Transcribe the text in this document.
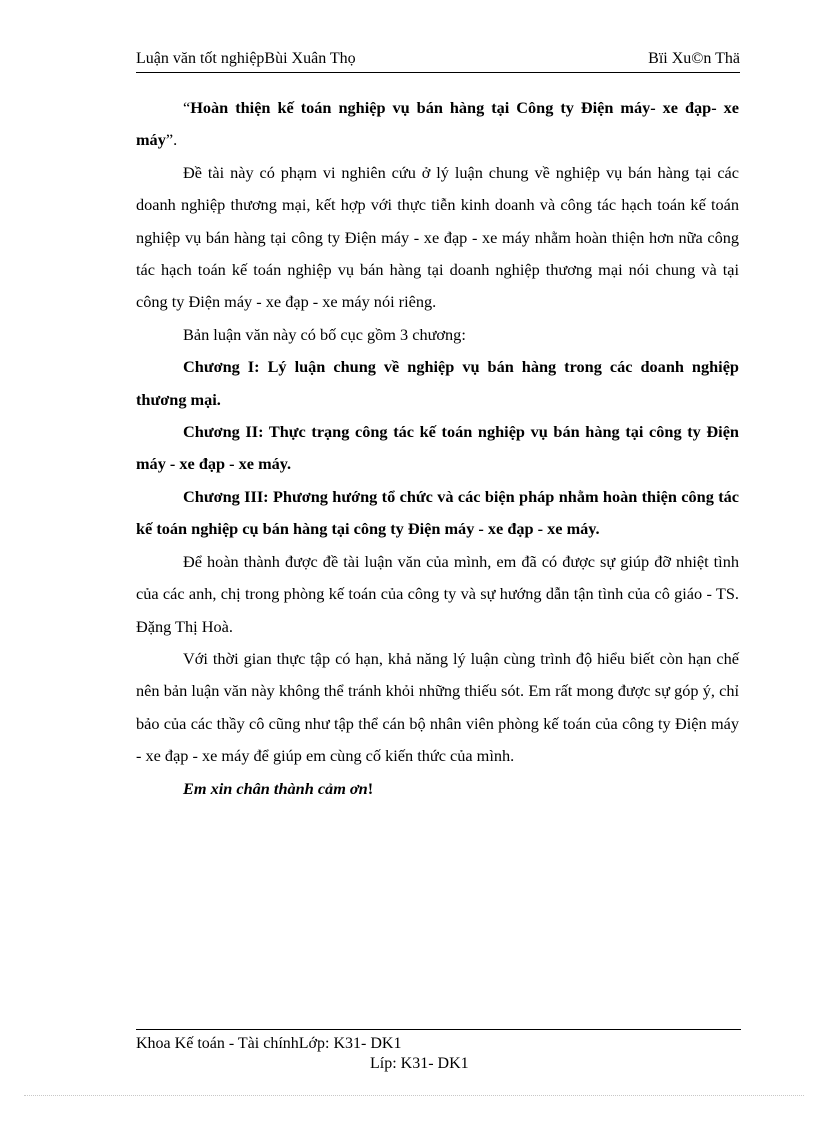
Luận văn tốt nghiệpBùi Xuân Thọ	Bïi Xu©n Thä

“Hoàn thiện kế toán nghiệp vụ bán hàng tại Công ty Điện máy- xe đạp- xe máy”.

Đề tài này có phạm vi nghiên cứu ở lý luận chung về nghiệp vụ bán hàng tại các doanh nghiệp thương mại, kết hợp với thực tiễn kinh doanh và công tác hạch toán kế toán nghiệp vụ bán hàng tại công ty Điện máy - xe đạp - xe máy nhằm hoàn thiện hơn nữa công tác hạch toán kế toán nghiệp vụ bán hàng tại doanh nghiệp thương mại nói chung và tại công ty Điện máy - xe đạp - xe máy nói riêng.

Bản luận văn này có bố cục gồm 3 chương:

Chương I: Lý luận chung về nghiệp vụ bán hàng trong các doanh nghiệp thương mại.

Chương II: Thực trạng công tác kế toán nghiệp vụ bán hàng tại công ty Điện máy - xe đạp - xe máy.

Chương III: Phương hướng tổ chức và các biện pháp nhằm hoàn thiện công tác kế toán nghiệp cụ bán hàng tại công ty Điện máy - xe đạp - xe máy.

Để hoàn thành được đề tài luận văn của mình, em đã có được sự giúp đỡ nhiệt tình của các anh, chị trong phòng kế toán của công ty và sự hướng dẫn tận tình của cô giáo - TS. Đặng Thị Hoà.

Với thời gian thực tập có hạn, khả năng lý luận cùng trình độ hiểu biết còn hạn chế nên bản luận văn này không thể tránh khỏi những thiếu sót. Em rất mong được sự góp ý, chỉ bảo của các thầy cô cũng như tập thể cán bộ nhân viên phòng kế toán của công ty Điện máy - xe đạp - xe máy để giúp em cùng cố kiến thức của mình.

Em xin chân thành cảm ơn!

Khoa Kế toán - Tài chínhLớp: K31- DK1
Líp: K31- DK1
